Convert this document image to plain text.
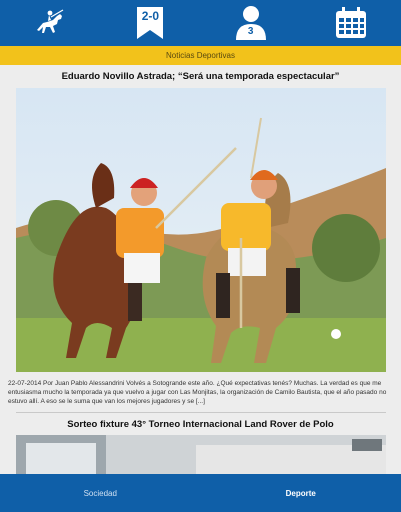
2-0
3
Noticias Deportivas
Eduardo Novillo Astrada; “Será una temporada espectacular”
22-07-2014 Por Juan Pablo Alessandrini Volvés a Sotogrande este año. ¿Qué expectativas tenés? Muchas. La verdad es que me entusiasma mucho la temporada ya que vuelvo a jugar con Las Monjitas, la organización de Camilo Bautista, que el año pasado no estuvo allí. A eso se le suma que van los mejores jugadores y se [...]
Sorteo fixture 43° Torneo Internacional Land Rover de Polo
Sociedad	Deporte
